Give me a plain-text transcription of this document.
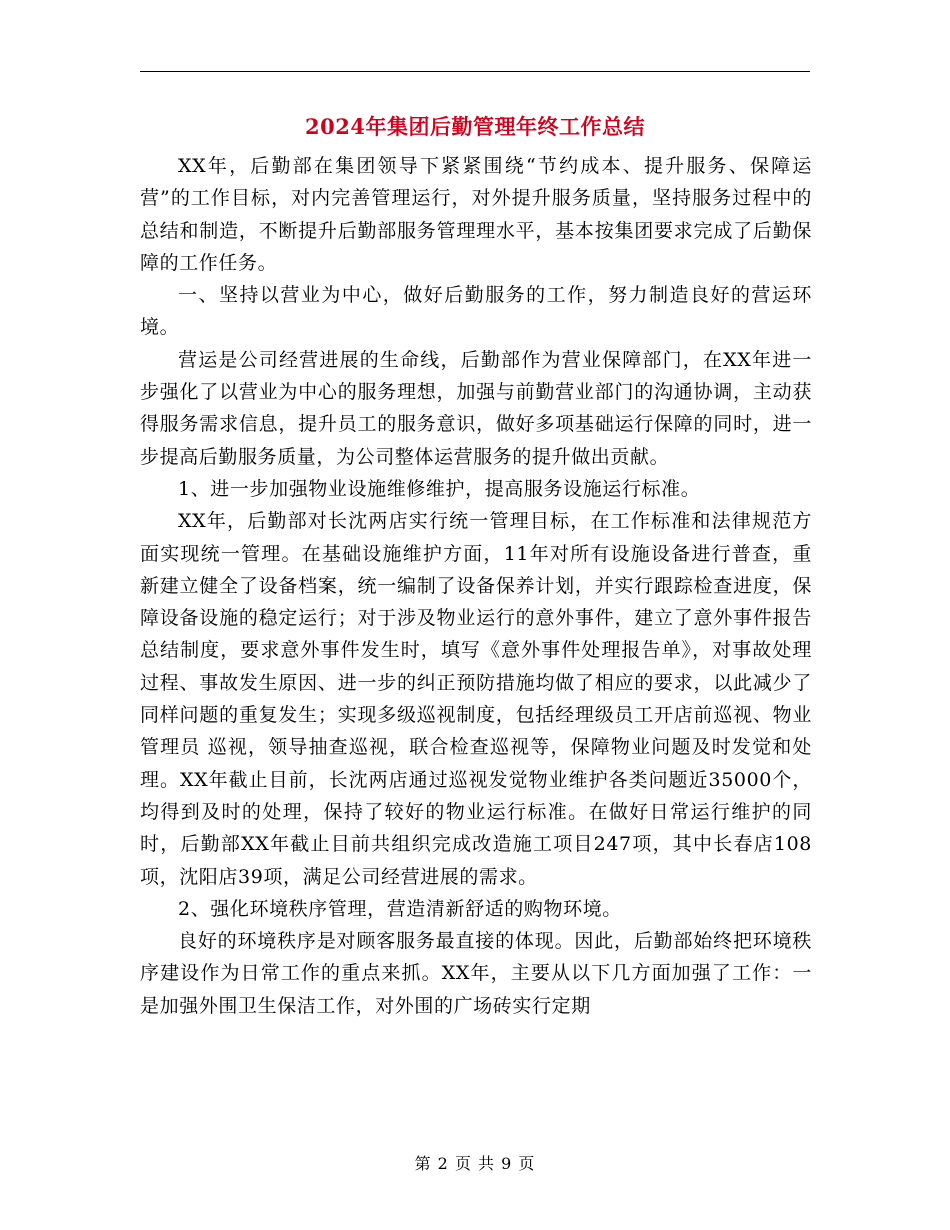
2024年集团后勤管理年终工作总结

XX年，后勤部在集团领导下紧紧围绕“节约成本、提升服务、保障运营”的工作目标，对内完善管理运行，对外提升服务质量，坚持服务过程中的总结和制造，不断提升后勤部服务管理理水平，基本按集团要求完成了后勤保障的工作任务。

一、坚持以营业为中心，做好后勤服务的工作，努力制造良好的营运环境。

营运是公司经营进展的生命线，后勤部作为营业保障部门，在XX年进一步强化了以营业为中心的服务理想，加强与前勤营业部门的沟通协调，主动获得服务需求信息，提升员工的服务意识，做好多项基础运行保障的同时，进一步提高后勤服务质量，为公司整体运营服务的提升做出贡献。

1、进一步加强物业设施维修维护，提高服务设施运行标准。

XX年，后勤部对长沈两店实行统一管理目标，在工作标准和法律规范方面实现统一管理。在基础设施维护方面，11年对所有设施设备进行普查，重新建立健全了设备档案，统一编制了设备保养计划，并实行跟踪检查进度，保障设备设施的稳定运行；对于涉及物业运行的意外事件，建立了意外事件报告总结制度，要求意外事件发生时，填写《意外事件处理报告单》，对事故处理过程、事故发生原因、进一步的纠正预防措施均做了相应的要求，以此减少了同样问题的重复发生；实现多级巡视制度，包括经理级员工开店前巡视、物业管理员 巡视，领导抽查巡视，联合检查巡视等，保障物业问题及时发觉和处理。XX年截止目前，长沈两店通过巡视发觉物业维护各类问题近35000个，均得到及时的处理，保持了较好的物业运行标准。在做好日常运行维护的同时，后勤部XX年截止目前共组织完成改造施工项目247项，其中长春店108项，沈阳店39项，满足公司经营进展的需求。

2、强化环境秩序管理，营造清新舒适的购物环境。

良好的环境秩序是对顾客服务最直接的体现。因此，后勤部始终把环境秩序建设作为日常工作的重点来抓。XX年，主要从以下几方面加强了工作：一是加强外围卫生保洁工作，对外围的广场砖实行定期

第 2 页 共 9 页
